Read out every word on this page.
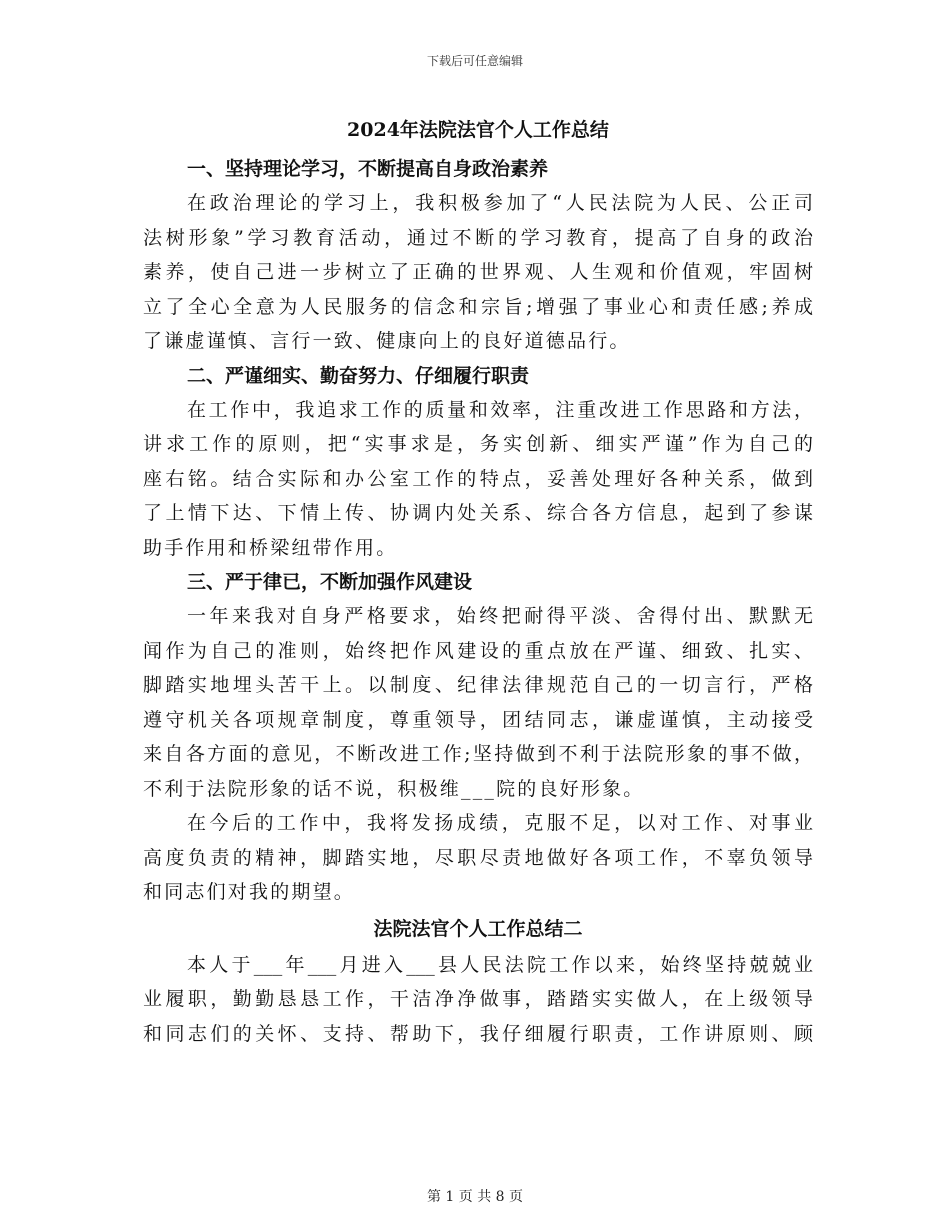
下载后可任意编辑
2024年法院法官个人工作总结
一、坚持理论学习，不断提高自身政治素养
在政治理论的学习上，我积极参加了“人民法院为人民、公正司
法树形象”学习教育活动，通过不断的学习教育，提高了自身的政治
素养，使自己进一步树立了正确的世界观、人生观和价值观，牢固树
立了全心全意为人民服务的信念和宗旨;增强了事业心和责任感;养成
了谦虚谨慎、言行一致、健康向上的良好道德品行。
二、严谨细实、勤奋努力、仔细履行职责
在工作中，我追求工作的质量和效率，注重改进工作思路和方法，
讲求工作的原则，把“实事求是，务实创新、细实严谨”作为自己的
座右铭。结合实际和办公室工作的特点，妥善处理好各种关系，做到
了上情下达、下情上传、协调内处关系、综合各方信息，起到了参谋
助手作用和桥梁纽带作用。
三、严于律已，不断加强作风建设
一年来我对自身严格要求，始终把耐得平淡、舍得付出、默默无
闻作为自己的准则，始终把作风建设的重点放在严谨、细致、扎实、
脚踏实地埋头苦干上。以制度、纪律法律规范自己的一切言行，严格
遵守机关各项规章制度，尊重领导，团结同志，谦虚谨慎，主动接受
来自各方面的意见，不断改进工作;坚持做到不利于法院形象的事不做，
不利于法院形象的话不说，积极维___院的良好形象。
在今后的工作中，我将发扬成绩，克服不足，以对工作、对事业
高度负责的精神，脚踏实地，尽职尽责地做好各项工作，不辜负领导
和同志们对我的期望。
法院法官个人工作总结二
本人于___年___月进入___县人民法院工作以来，始终坚持兢兢业
业履职，勤勤恳恳工作，干洁净净做事，踏踏实实做人，在上级领导
和同志们的关怀、支持、帮助下，我仔细履行职责，工作讲原则、顾
第 1 页 共 8 页
